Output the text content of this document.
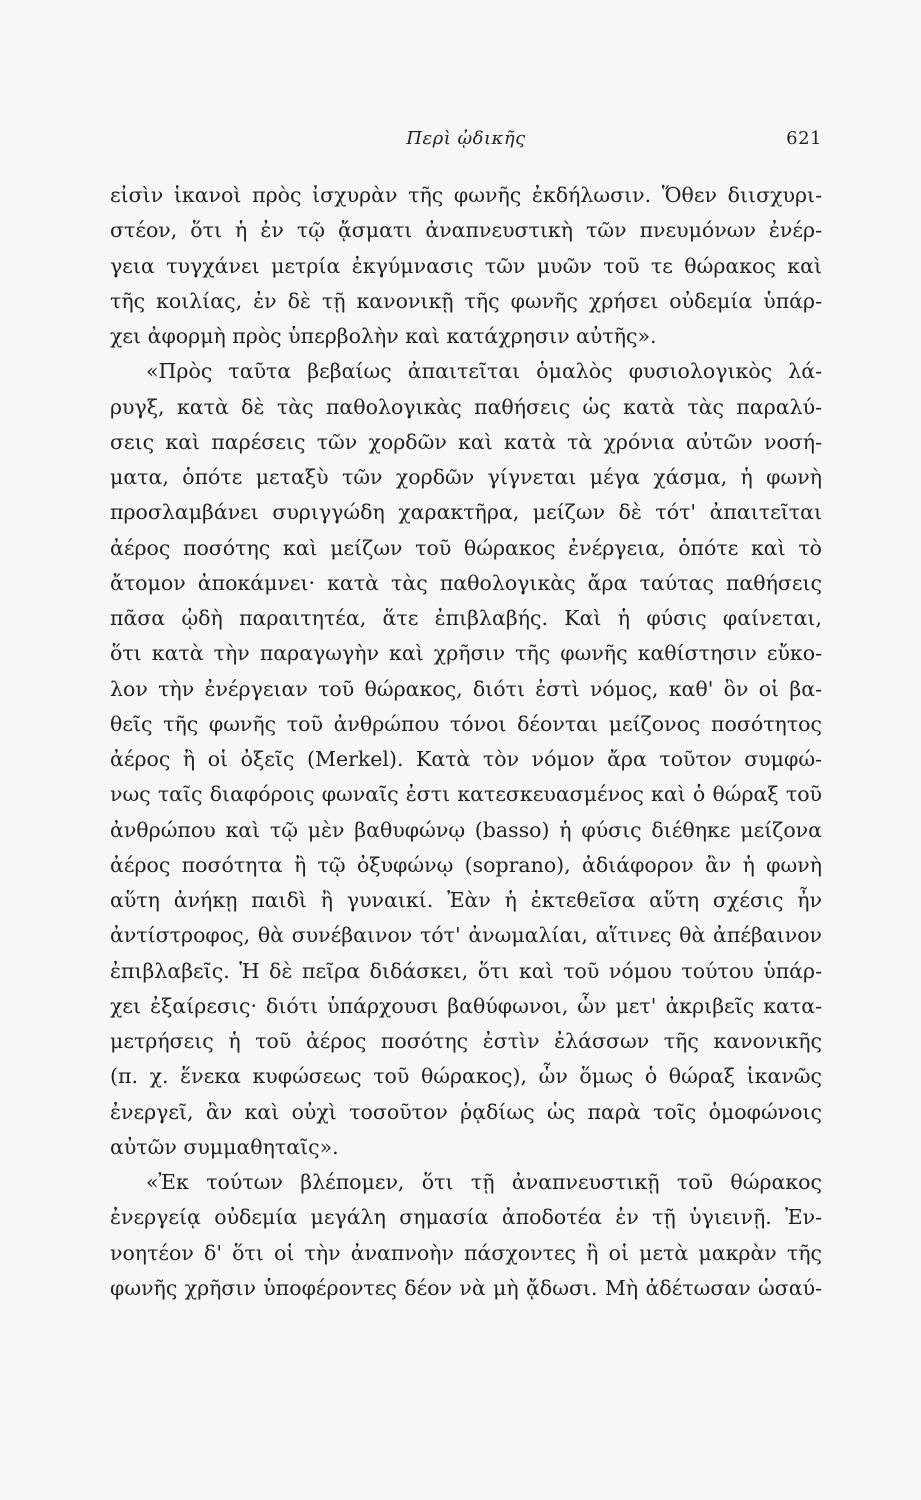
Περὶ ᾠδικῆς	621
εἰσὶν ἱκανοὶ πρὸς ἰσχυρὰν τῆς φωνῆς ἐκδήλωσιν. Ὅθεν διισχυρι-
στέον, ὅτι ἡ ἐν τῷ ᾄσματι ἀναπνευστικὴ τῶν πνευμόνων ἐνέρ-
γεια τυγχάνει μετρία ἐκγύμνασις τῶν μυῶν τοῦ τε θώρακος καὶ
τῆς κοιλίας, ἐν δὲ τῇ κανονικῇ τῆς φωνῆς χρήσει οὐδεμία ὑπάρ-
χει ἀφορμὴ πρὸς ὑπερβολὴν καὶ κατάχρησιν αὐτῆς».
«Πρὸς ταῦτα βεβαίως ἀπαιτεῖται ὁμαλὸς φυσιολογικὸς λά-
ρυγξ, κατὰ δὲ τὰς παθολογικὰς παθήσεις ὡς κατὰ τὰς παραλύ-
σεις καὶ παρέσεις τῶν χορδῶν καὶ κατὰ τὰ χρόνια αὐτῶν νοσή-
ματα, ὁπότε μεταξὺ τῶν χορδῶν γίγνεται μέγα χάσμα, ἡ φωνὴ
προσλαμβάνει συριγγώδη χαρακτῆρα, μείζων δὲ τότ' ἀπαιτεῖται
ἀέρος ποσότης καὶ μείζων τοῦ θώρακος ἐνέργεια, ὁπότε καὶ τὸ
ἄτομον ἀποκάμνει· κατὰ τὰς παθολογικὰς ἄρα ταύτας παθήσεις
πᾶσα ᾠδὴ παραιτητέα, ἅτε ἐπιβλαβής. Καὶ ἡ φύσις φαίνεται,
ὅτι κατὰ τὴν παραγωγὴν καὶ χρῆσιν τῆς φωνῆς καθίστησιν εὔκο-
λον τὴν ἐνέργειαν τοῦ θώρακος, διότι ἐστὶ νόμος, καθ' ὃν οἱ βα-
θεῖς τῆς φωνῆς τοῦ ἀνθρώπου τόνοι δέονται μείζονος ποσότητος
ἀέρος ἢ οἱ ὀξεῖς (Merkel). Κατὰ τὸν νόμον ἄρα τοῦτον συμφώ-
νως ταῖς διαφόροις φωναῖς ἐστι κατεσκευασμένος καὶ ὁ θώραξ τοῦ
ἀνθρώπου καὶ τῷ μὲν βαθυφώνῳ (basso) ἡ φύσις διέθηκε μείζονα
ἀέρος ποσότητα ἢ τῷ ὀξυφώνῳ (soprano), ἀδιάφορον ἂν ἡ φωνὴ
αὕτη ἀνήκῃ παιδὶ ἢ γυναικί. Ἐὰν ἡ ἐκτεθεῖσα αὕτη σχέσις ἦν
ἀντίστροφος, θὰ συνέβαινον τότ' ἀνωμαλίαι, αἵτινες θὰ ἀπέβαινον
ἐπιβλαβεῖς. Ἡ δὲ πεῖρα διδάσκει, ὅτι καὶ τοῦ νόμου τούτου ὑπάρ-
χει ἐξαίρεσις· διότι ὑπάρχουσι βαθύφωνοι, ὧν μετ' ἀκριβεῖς κατα-
μετρήσεις ἡ τοῦ ἀέρος ποσότης ἐστὶν ἐλάσσων τῆς κανονικῆς
(π. χ. ἕνεκα κυφώσεως τοῦ θώρακος), ὧν ὅμως ὁ θώραξ ἱκανῶς
ἐνεργεῖ, ἂν καὶ οὐχὶ τοσοῦτον ῥᾳδίως ὡς παρὰ τοῖς ὁμοφώνοις
αὐτῶν συμμαθηταῖς».
«Ἐκ τούτων βλέπομεν, ὅτι τῇ ἀναπνευστικῇ τοῦ θώρακος
ἐνεργείᾳ οὐδεμία μεγάλη σημασία ἀποδοτέα ἐν τῇ ὑγιεινῇ. Ἐν-
νοητέον δ' ὅτι οἱ τὴν ἀναπνοὴν πάσχοντες ἢ οἱ μετὰ μακρὰν τῆς
φωνῆς χρῆσιν ὑποφέροντες δέον νὰ μὴ ᾄδωσι. Μὴ ἀδέτωσαν ὡσαύ-
